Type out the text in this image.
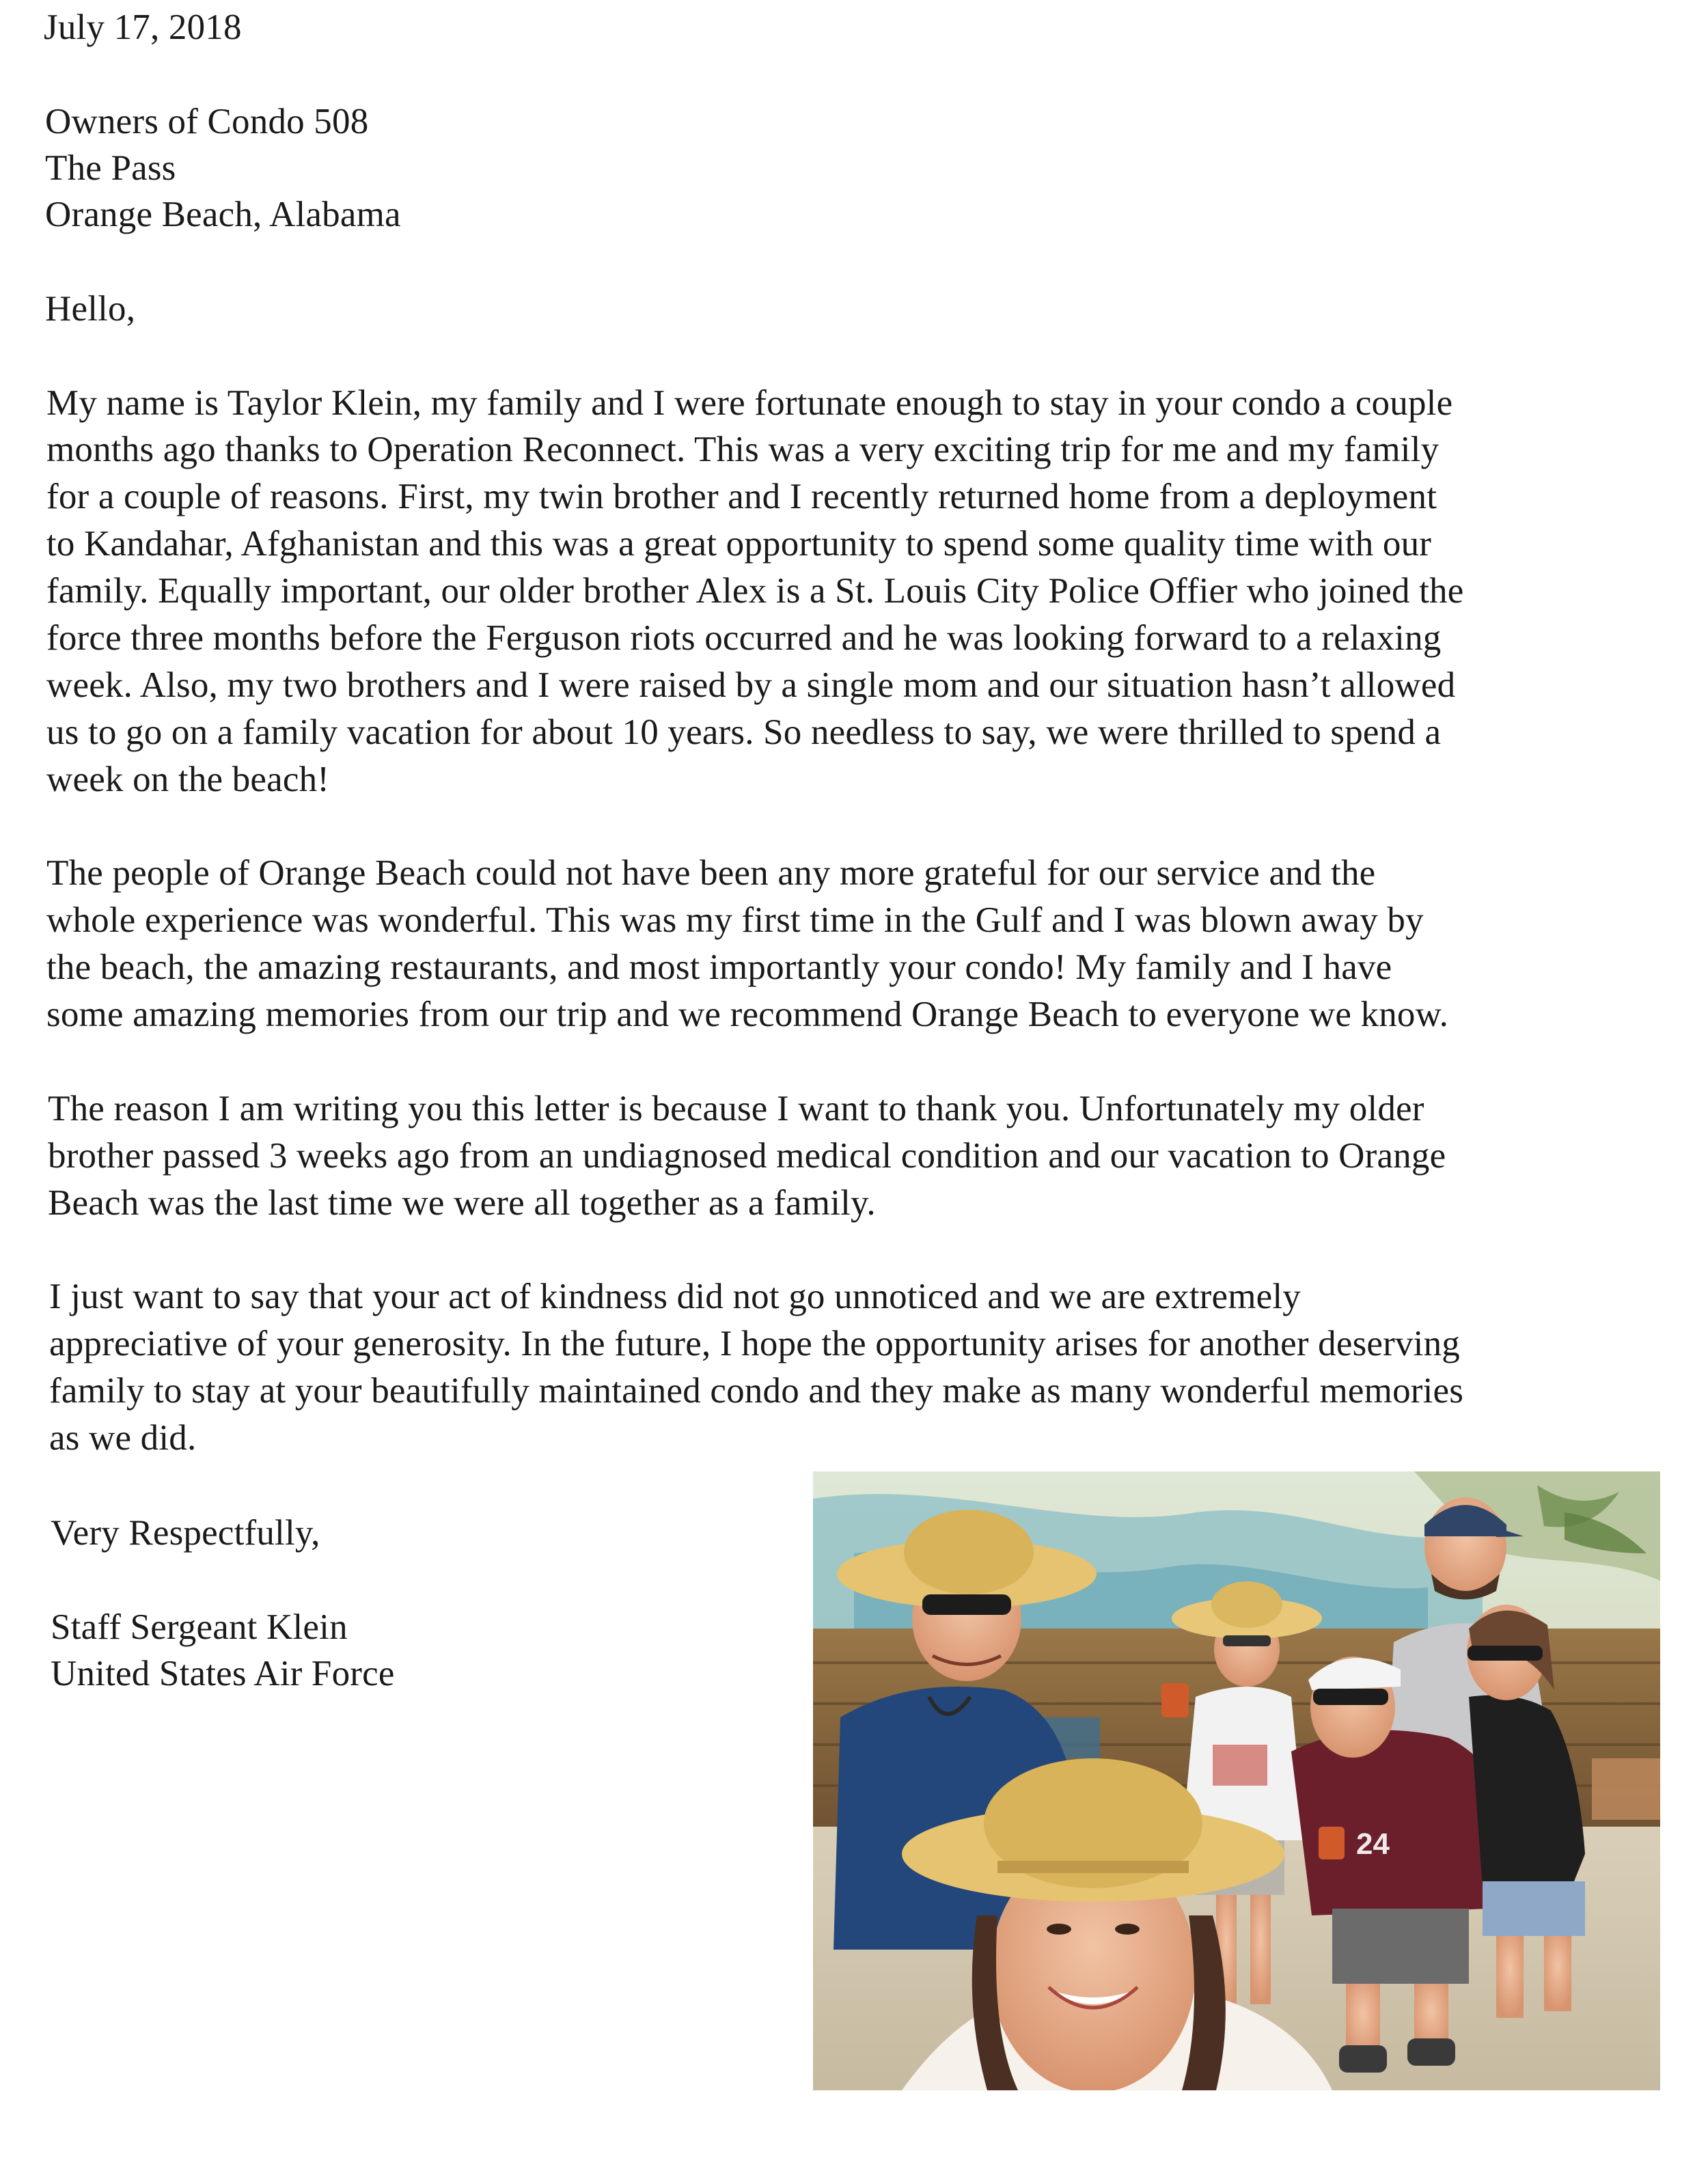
July 17, 2018
Owners of Condo 508
The Pass
Orange Beach, Alabama
Hello,
My name is Taylor Klein, my family and I were fortunate enough to stay in your condo a couple
months ago thanks to Operation Reconnect. This was a very exciting trip for me and my family
for a couple of reasons. First, my twin brother and I recently returned home from a deployment
to Kandahar, Afghanistan and this was a great opportunity to spend some quality time with our
family. Equally important, our older brother Alex is a St. Louis City Police Offier who joined the
force three months before the Ferguson riots occurred and he was looking forward to a relaxing
week. Also, my two brothers and I were raised by a single mom and our situation hasn’t allowed
us to go on a family vacation for about 10 years. So needless to say, we were thrilled to spend a
week on the beach!
The people of Orange Beach could not have been any more grateful for our service and the
whole experience was wonderful. This was my first time in the Gulf and I was blown away by
the beach, the amazing restaurants, and most importantly your condo! My family and I have
some amazing memories from our trip and we recommend Orange Beach to everyone we know.
The reason I am writing you this letter is because I want to thank you. Unfortunately my older
brother passed 3 weeks ago from an undiagnosed medical condition and our vacation to Orange
Beach was the last time we were all together as a family.
I just want to say that your act of kindness did not go unnoticed and we are extremely
appreciative of your generosity. In the future, I hope the opportunity arises for another deserving
family to stay at your beautifully maintained condo and they make as many wonderful memories
as we did.
Very Respectfully,
Staff Sergeant Klein
United States Air Force
24
